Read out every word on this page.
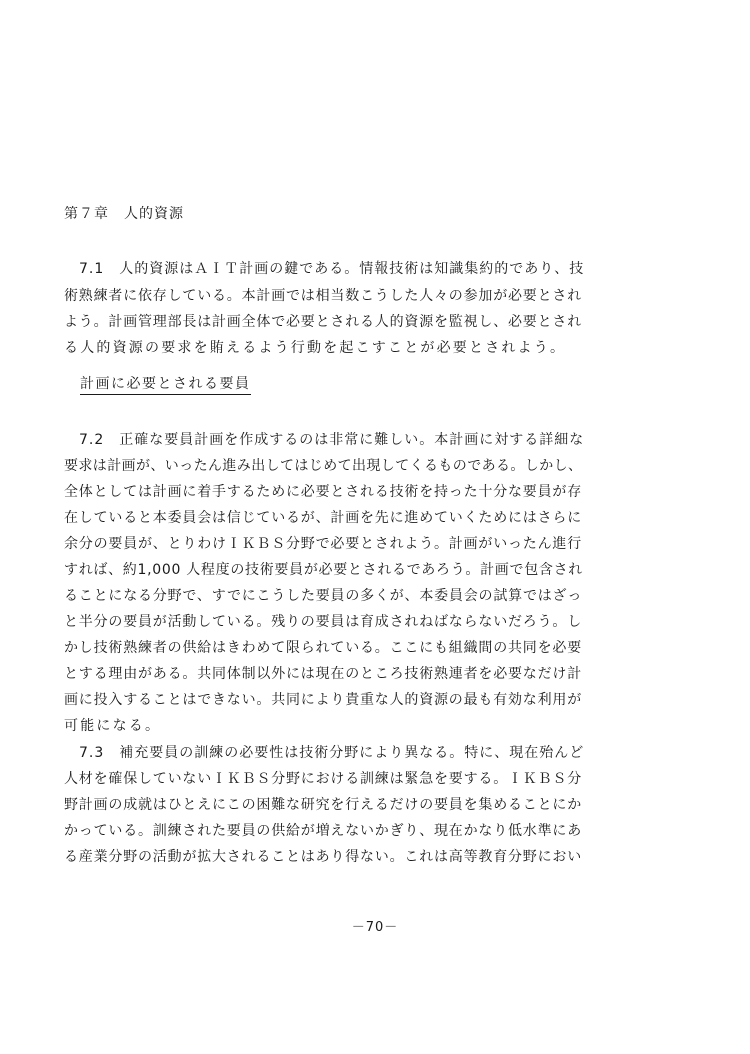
第７章　人的資源
　7.1　人的資源はＡＩＴ計画の鍵である。情報技術は知識集約的であり、技
術熟練者に依存している。本計画では相当数こうした人々の参加が必要とされ
よう。計画管理部長は計画全体で必要とされる人的資源を監視し、必要とされ
る人的資源の要求を賄えるよう行動を起こすことが必要とされよう。
計画に必要とされる要員
　7.2　正確な要員計画を作成するのは非常に難しい。本計画に対する詳細な
要求は計画が、いったん進み出してはじめて出現してくるものである。しかし、
全体としては計画に着手するために必要とされる技術を持った十分な要員が存
在していると本委員会は信じているが、計画を先に進めていくためにはさらに
余分の要員が、とりわけＩＫＢＳ分野で必要とされよう。計画がいったん進行
すれば、約1,000 人程度の技術要員が必要とされるであろう。計画で包含され
ることになる分野で、すでにこうした要員の多くが、本委員会の試算ではざっ
と半分の要員が活動している。残りの要員は育成されねばならないだろう。し
かし技術熟練者の供給はきわめて限られている。ここにも組織間の共同を必要
とする理由がある。共同体制以外には現在のところ技術熟連者を必要なだけ計
画に投入することはできない。共同により貴重な人的資源の最も有効な利用が
可能になる。
　7.3　補充要員の訓練の必要性は技術分野により異なる。特に、現在殆んど
人材を確保していないＩＫＢＳ分野における訓練は緊急を要する。ＩＫＢＳ分
野計画の成就はひとえにこの困難な研究を行えるだけの要員を集めることにか
かっている。訓練された要員の供給が増えないかぎり、現在かなり低水準にあ
る産業分野の活動が拡大されることはあり得ない。これは高等教育分野におい
－70－
